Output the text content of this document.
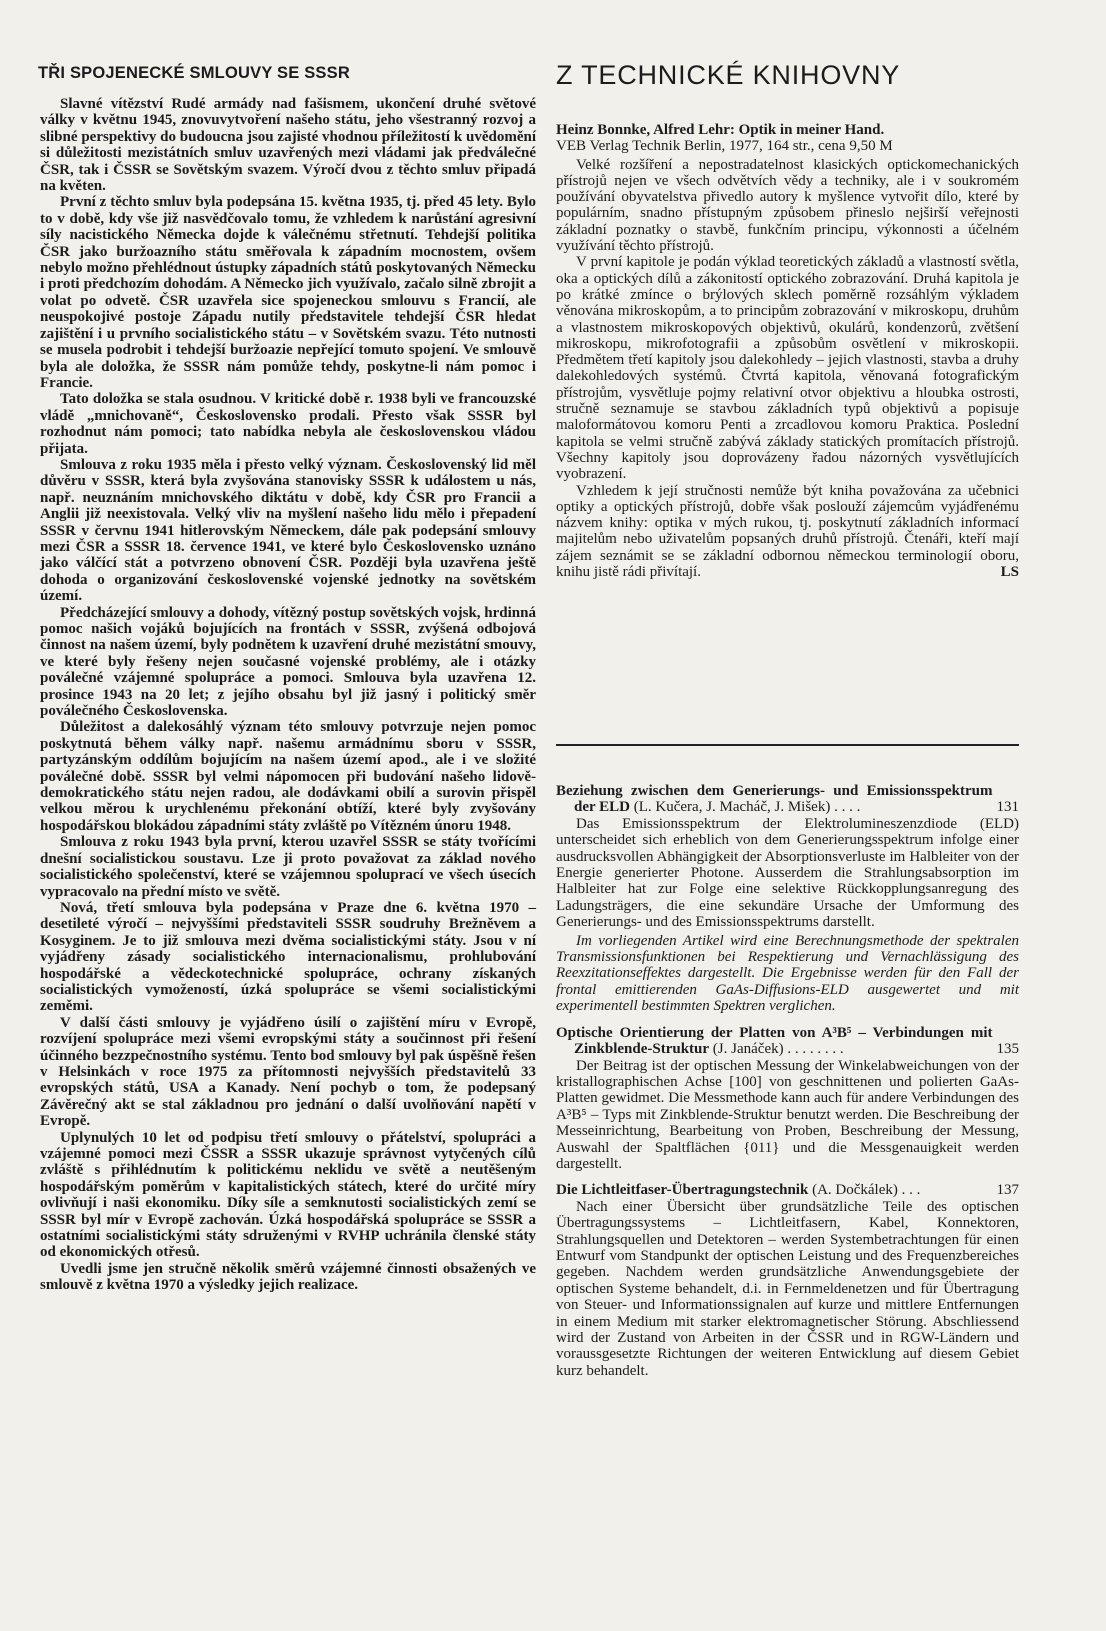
TŘI SPOJENECKÉ SMLOUVY SE SSSR

Slavné vítězství Rudé armády nad fašismem, ukončení druhé světové války v květnu 1945, znovuvytvoření našeho státu, jeho všestranný rozvoj a slibné perspektivy do budoucna jsou zajisté vhodnou příležitostí k uvědomění si důležitosti mezistátních smluv uzavřených mezi vládami jak předválečné ČSR, tak i ČSSR se Sovětským svazem. Výročí dvou z těchto smluv připadá na květen.

První z těchto smluv byla podepsána 15. května 1935, tj. před 45 lety. Bylo to v době, kdy vše již nasvědčovalo tomu, že vzhledem k narůstání agresivní síly nacistického Německa dojde k válečnému střetnutí. Tehdejší politika ČSR jako buržoazního státu směřovala k západním mocnostem, ovšem nebylo možno přehlédnout ústupky západních států poskytovaných Německu i proti předchozím dohodám. A Německo jich využívalo, začalo silně zbrojit a volat po odvetě. ČSR uzavřela sice spojeneckou smlouvu s Francií, ale neuspokojivé postoje Západu nutily představitele tehdejší ČSR hledat zajištění i u prvního socialistického státu – v Sovětském svazu. Této nutnosti se musela podrobit i tehdejší buržoazie nepřející tomuto spojení. Ve smlouvě byla ale doložka, že SSSR nám pomůže tehdy, poskytne-li nám pomoc i Francie.

Tato doložka se stala osudnou. V kritické době r. 1938 byli ve francouzské vládě „mnichovaně“, Československo prodali. Přesto však SSSR byl rozhodnut nám pomoci; tato nabídka nebyla ale československou vládou přijata.

Smlouva z roku 1935 měla i přesto velký význam. Československý lid měl důvěru v SSSR, která byla zvyšována stanovisky SSSR k událostem u nás, např. neuznáním mnichovského diktátu v době, kdy ČSR pro Francii a Anglii již neexistovala. Velký vliv na myšlení našeho lidu mělo i přepadení SSSR v červnu 1941 hitlerovským Německem, dále pak podepsání smlouvy mezi ČSR a SSSR 18. července 1941, ve které bylo Československo uznáno jako válčící stát a potvrzeno obnovení ČSR. Později byla uzavřena ještě dohoda o organizování československé vojenské jednotky na sovětském území.

Předcházející smlouvy a dohody, vítězný postup sovětských vojsk, hrdinná pomoc našich vojáků bojujících na frontách v SSSR, zvýšená odbojová činnost na našem území, byly podnětem k uzavření druhé mezistátní smouvy, ve které byly řešeny nejen současné vojenské problémy, ale i otázky poválečné vzájemné spolupráce a pomoci. Smlouva byla uzavřena 12. prosince 1943 na 20 let; z jejího obsahu byl již jasný i politický směr poválečného Československa.

Důležitost a dalekosáhlý význam této smlouvy potvrzuje nejen pomoc poskytnutá během války např. našemu armádnímu sboru v SSSR, partyzánským oddílům bojujícím na našem území apod., ale i ve složité poválečné době. SSSR byl velmi nápomocen při budování našeho lidově-demokratického státu nejen radou, ale dodávkami obilí a surovin přispěl velkou měrou k urychlenému překonání obtíží, které byly zvyšovány hospodářskou blokádou západními státy zvláště po Vítězném únoru 1948.

Smlouva z roku 1943 byla první, kterou uzavřel SSSR se státy tvořícími dnešní socialistickou soustavu. Lze ji proto považovat za základ nového socialistického společenství, které se vzájemnou spoluprací ve všech úsecích vypracovalo na přední místo ve světě.

Nová, třetí smlouva byla podepsána v Praze dne 6. května 1970 – desetileté výročí – nejvyššími představiteli SSSR soudruhy Brežněvem a Kosyginem. Je to již smlouva mezi dvěma socialistickými státy. Jsou v ní vyjádřeny zásady socialistického internacionalismu, prohlubování hospodářské a vědeckotechnické spolupráce, ochrany získaných socialistických vymožeností, úzká spolupráce se všemi socialistickými zeměmi.

V další části smlouvy je vyjádřeno úsilí o zajištění míru v Evropě, rozvíjení spolupráce mezi všemi evropskými státy a součinnost při řešení účinného bezzpečnostního systému. Tento bod smlouvy byl pak úspěšně řešen v Helsinkách v roce 1975 za přítomnosti nejvyšších představitelů 33 evropských států, USA a Kanady. Není pochyb o tom, že podepsaný Závěrečný akt se stal základnou pro jednání o další uvolňování napětí v Evropě.

Uplynulých 10 let od podpisu třetí smlouvy o přátelství, spolupráci a vzájemné pomoci mezi ČSSR a SSSR ukazuje správnost vytyčených cílů zvláště s přihlédnutím k politickému neklidu ve světě a neutěšeným hospodářským poměrům v kapitalistických státech, které do určité míry ovlivňují i naši ekonomiku. Díky síle a semknutosti socialistických zemí se SSSR byl mír v Evropě zachován. Úzká hospodářská spolupráce se SSSR a ostatními socialistickými státy sdruženými v RVHP uchránila členské státy od ekonomických otřesů.

Uvedli jsme jen stručně několik směrů vzájemné činnosti obsažených ve smlouvě z května 1970 a výsledky jejich realizace.

Z TECHNICKÉ KNIHOVNY
Heinz Bonnke, Alfred Lehr: Optik in meiner Hand.
VEB Verlag Technik Berlin, 1977, 164 str., cena 9,50 M

Velké rozšíření a nepostradatelnost klasických optickomechanických přístrojů nejen ve všech odvětvích vědy a techniky, ale i v soukromém používání obyvatelstva přivedlo autory k myšlence vytvořit dílo, které by populárním, snadno přístupným způsobem přineslo nejširší veřejnosti základní poznatky o stavbě, funkčním principu, výkonnosti a účelném využívání těchto přístrojů.

V první kapitole je podán výklad teoretických základů a vlastností světla, oka a optických dílů a zákonitostí optického zobrazování. Druhá kapitola je po krátké zmínce o brýlových sklech poměrně rozsáhlým výkladem věnována mikroskopům, a to principům zobrazování v mikroskopu, druhům a vlastnostem mikroskopových objektivů, okulárů, kondenzorů, zvětšení mikroskopu, mikrofotografii a způsobům osvětlení v mikroskopii. Předmětem třetí kapitoly jsou dalekohledy – jejich vlastnosti, stavba a druhy dalekohledových systémů. Čtvrtá kapitola, věnovaná fotografickým přístrojům, vysvětluje pojmy relativní otvor objektivu a hloubka ostrosti, stručně seznamuje se stavbou základních typů objektivů a popisuje maloformátovou komoru Penti a zrcadlovou komoru Praktica. Poslední kapitola se velmi stručně zabývá základy statických promítacích přístrojů. Všechny kapitoly jsou doprovázeny řadou názorných vysvětlujících vyobrazení.

Vzhledem k její stručnosti nemůže být kniha považována za učebnici optiky a optických přístrojů, dobře však poslouží zájemcům vyjádřenému názvem knihy: optika v mých rukou, tj. poskytnutí základních informací majitelům nebo uživatelům popsaných druhů přístrojů. Čtenáři, kteří mají zájem seznámit se se základní odbornou německou terminologií oboru, knihu jistě rádi přivítají.	LS

Beziehung zwischen dem Generierungs- und Emissionsspektrum der ELD (L. Kučera, J. Macháč, J. Mišek) . . . .	131

Das Emissionsspektrum der Elektrolumineszenzdiode (ELD) unterscheidet sich erheblich von dem Generierungsspektrum infolge einer ausdrucksvollen Abhängigkeit der Absorptionsverluste im Halbleiter von der Energie generierter Photone. Ausserdem die Strahlungsabsorption im Halbleiter hat zur Folge eine selektive Rückkopplungsanregung des Ladungsträgers, die eine sekundäre Ursache der Umformung des Generierungs- und des Emissionsspektrums darstellt.

Im vorliegenden Artikel wird eine Berechnungsmethode der spektralen Transmissionsfunktionen bei Respektierung und Vernachlässigung des Reexzitationseffektes dargestellt. Die Ergebnisse werden für den Fall der frontal emittierenden GaAs-Diffusions-ELD ausgewertet und mit experimentell bestimmten Spektren verglichen.

Optische Orientierung der Platten von A³B⁵ – Verbindungen mit Zinkblende-Struktur (J. Janáček) . . . . . . . .	135

Der Beitrag ist der optischen Messung der Winkelabweichungen von der kristallographischen Achse [100] von geschnittenen und polierten GaAs-Platten gewidmet. Die Messmethode kann auch für andere Verbindungen des A³B⁵ – Typs mit Zinkblende-Struktur benutzt werden. Die Beschreibung der Messeinrichtung, Bearbeitung von Proben, Beschreibung der Messung, Auswahl der Spaltflächen {011} und die Messgenauigkeit werden dargestellt.

Die Lichtleitfaser-Übertragungstechnik (A. Dočkálek) . . .	137

Nach einer Übersicht über grundsätzliche Teile des optischen Übertragungssystems – Lichtleitfasern, Kabel, Konnektoren, Strahlungsquellen und Detektoren – werden Systembetrachtungen für einen Entwurf vom Standpunkt der optischen Leistung und des Frequenzbereiches gegeben. Nachdem werden grundsätzliche Anwendungsgebiete der optischen Systeme behandelt, d.i. in Fernmeldenetzen und für Übertragung von Steuer- und Informationssignalen auf kurze und mittlere Entfernungen in einem Medium mit starker elektromagnetischer Störung. Abschliessend wird der Zustand von Arbeiten in der ČSSR und in RGW-Ländern und voraussgesetzte Richtungen der weiteren Entwicklung auf diesem Gebiet kurz behandelt.
